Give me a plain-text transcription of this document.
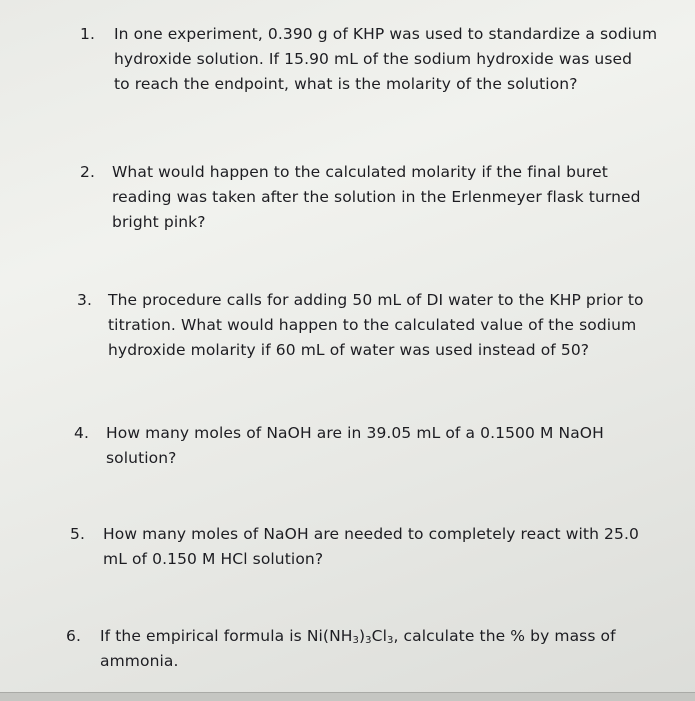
1.	In one experiment, 0.390 g of KHP was used to standardize a sodium
hydroxide solution. If 15.90 mL of the sodium hydroxide was used
to reach the endpoint, what is the molarity of the solution?
2.	What would happen to the calculated molarity if the final buret
reading was taken after the solution in the Erlenmeyer flask turned
bright pink?
3.	The procedure calls for adding 50 mL of DI water to the KHP prior to
titration. What would happen to the calculated value of the sodium
hydroxide molarity if 60 mL of water was used instead of 50?
4.	How many moles of NaOH are in 39.05 mL of a 0.1500 M NaOH
solution?
5.	How many moles of NaOH are needed to completely react with 25.0
mL of 0.150 M HCl solution?
6.	If the empirical formula is $Ni(NH_3)_3Cl_3$, calculate the % by mass of
ammonia.
